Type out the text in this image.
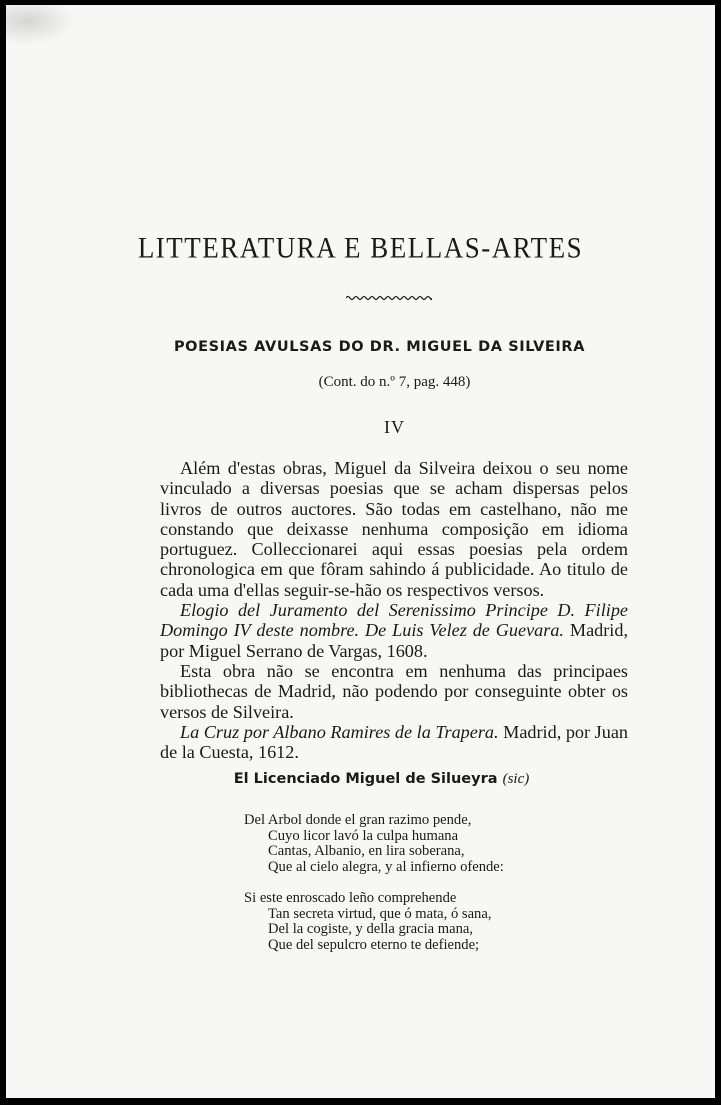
LITTERATURA E BELLAS-ARTES
POESIAS AVULSAS DO DR. MIGUEL DA SILVEIRA
(Cont. do n.º 7, pag. 448)
IV

Além d'estas obras, Miguel da Silveira deixou o seu nome vinculado a diversas poesias que se acham dispersas pelos livros de outros auctores. São todas em castelhano, não me constando que deixasse nenhuma composição em idioma portuguez. Colleccionarei aqui essas poesias pela ordem chronologica em que fôram sahindo á publicidade. Ao titulo de cada uma d'ellas seguir-se-hão os respectivos versos.

Elogio del Juramento del Serenissimo Principe D. Filipe Domingo IV deste nombre. De Luis Velez de Guevara. Madrid, por Miguel Serrano de Vargas, 1608.

Esta obra não se encontra em nenhuma das principaes bibliothecas de Madrid, não podendo por conseguinte obter os versos de Silveira.

La Cruz por Albano Ramires de la Trapera. Madrid, por Juan de la Cuesta, 1612.

El Licenciado Miguel de Silueyra (sic)
Del Arbol donde el gran razimo pende,
Cuyo licor lavó la culpa humana
Cantas, Albanio, en lira soberana,
Que al cielo alegra, y al infierno ofende:
Si este enroscado leño comprehende
Tan secreta virtud, que ó mata, ó sana,
Del la cogiste, y della gracia mana,
Que del sepulcro eterno te defiende;
